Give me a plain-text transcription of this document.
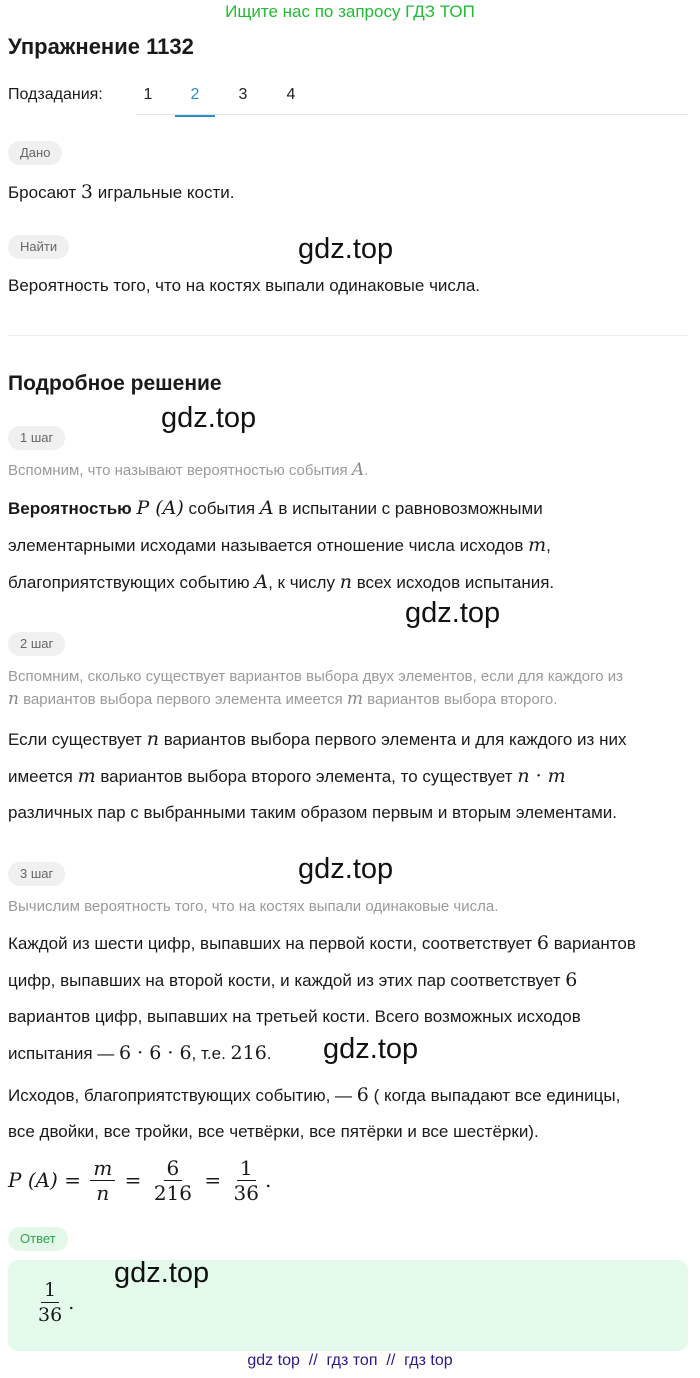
Ищите нас по запросу ГДЗ ТОП
Упражнение 1132
Подзадания:	1	2	3	4
Дано
Бросают 3 игральные кости.
Найти
Вероятность того, что на костях выпали одинаковые числа.
Подробное решение
1 шаг
Вспомним, что называют вероятностью события A.
Вероятностью P (A) события A в испытании с равновозможными
элементарными исходами называется отношение числа исходов m,
благоприятствующих событию A, к числу n всех исходов испытания.
2 шаг
Вспомним, сколько существует вариантов выбора двух элементов, если для каждого из
n вариантов выбора первого элемента имеется m вариантов выбора второго.
Если существует n вариантов выбора первого элемента и для каждого из них
имеется m вариантов выбора второго элемента, то существует n · m
различных пар с выбранными таким образом первым и вторым элементами.
3 шаг
Вычислим вероятность того, что на костях выпали одинаковые числа.
Каждой из шести цифр, выпавших на первой кости, соответствует 6 вариантов
цифр, выпавших на второй кости, и каждой из этих пар соответствует 6
вариантов цифр, выпавших на третьей кости. Всего возможных исходов
испытания — 6 · 6 · 6, т.е. 216.
Исходов, благоприятствующих событию, — 6 ( когда выпадают все единицы,
все двойки, все тройки, все четвёрки, все пятёрки и все шестёрки).
P $(A) = \frac{m}{n} = \frac{6}{216} = \frac{1}{36}$ .
Ответ
$\frac{1}{36}$ .
gdz.top
gdz.top
gdz.top
gdz.top
gdz.top
gdz.top
gdz top  //  гдз топ  //  гдз top
